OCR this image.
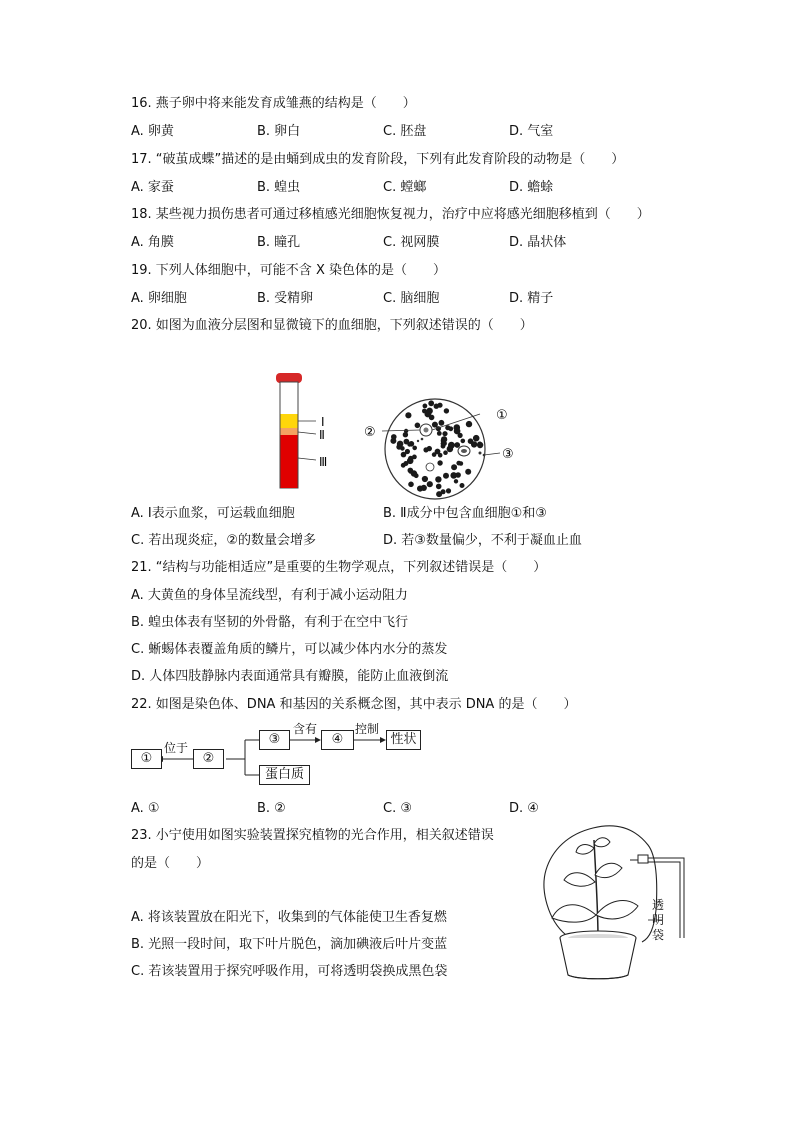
16. 燕子卵中将来能发育成雏燕的结构是（　　）
A. 卵黄	B. 卵白	C. 胚盘	D. 气室
17. “破茧成蝶”描述的是由蛹到成虫的发育阶段，下列有此发育阶段的动物是（　　）
A. 家蚕	B. 蝗虫	C. 螳螂	D. 蟾蜍
18. 某些视力损伤患者可通过移植感光细胞恢复视力，治疗中应将感光细胞移植到（　　）
A. 角膜	B. 瞳孔	C. 视网膜	D. 晶状体
19. 下列人体细胞中，可能不含 X 染色体的是（　　）
A. 卵细胞	B. 受精卵	C. 脑细胞	D. 精子
20. 如图为血液分层图和显微镜下的血细胞，下列叙述错误的（　　）
Ⅰ
Ⅱ
Ⅲ
①
②
③
A. Ⅰ表示血浆，可运载血细胞	B. Ⅱ成分中包含血细胞①和③
C. 若出现炎症，②的数量会增多	D. 若③数量偏少，不利于凝血止血
21. “结构与功能相适应”是重要的生物学观点，下列叙述错误是（　　）
A. 大黄鱼的身体呈流线型，有利于减小运动阻力
B. 蝗虫体表有坚韧的外骨骼，有利于在空中飞行
C. 蜥蜴体表覆盖角质的鳞片，可以减少体内水分的蒸发
D. 人体四肢静脉内表面通常具有瓣膜，能防止血液倒流
22. 如图是染色体、DNA 和基因的关系概念图，其中表示 DNA 的是（　　）
①	②
③	④	性状
蛋白质
位于
含有	控制
A. ①	B. ②	C. ③	D. ④
23. 小宁使用如图实验装置探究植物的光合作用，相关叙述错误
的是（　　）
A. 将该装置放在阳光下，收集到的气体能使卫生香复燃
B. 光照一段时间，取下叶片脱色，滴加碘液后叶片变蓝
C. 若该装置用于探究呼吸作用，可将透明袋换成黑色袋
透明袋
